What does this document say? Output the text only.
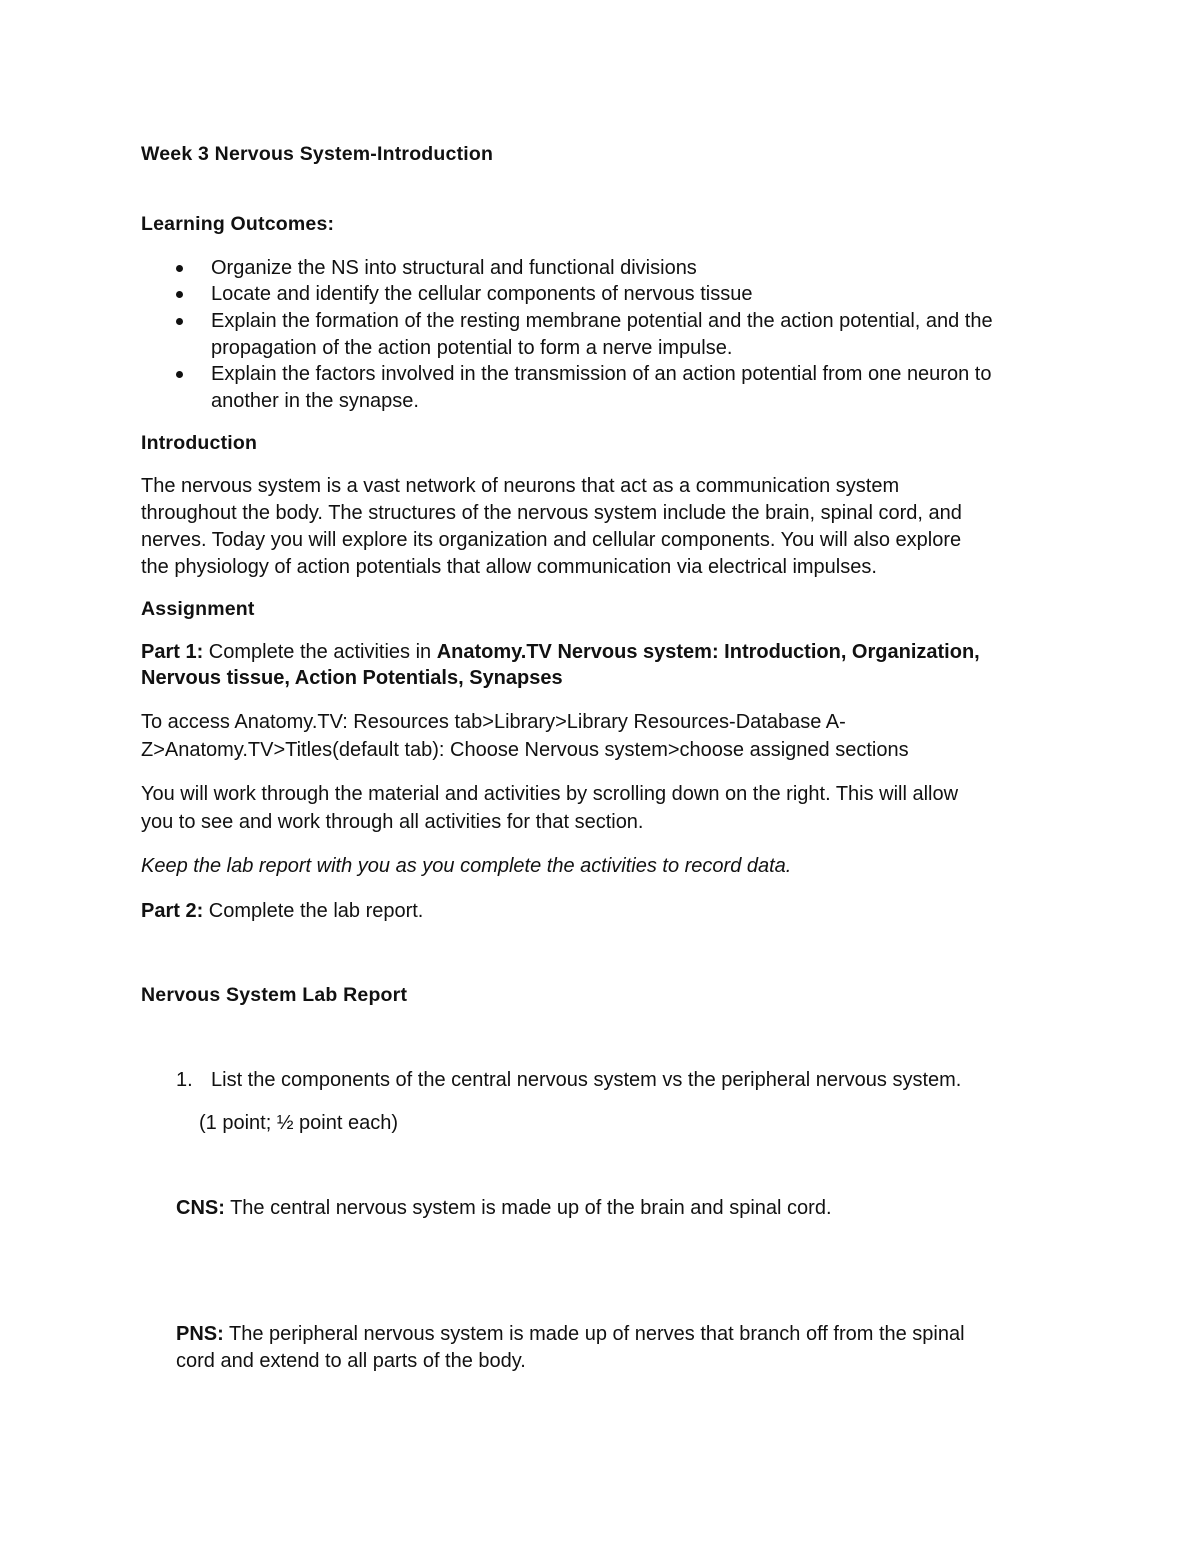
Week 3 Nervous System-Introduction
Learning Outcomes:
Organize the NS into structural and functional divisions
Locate and identify the cellular components of nervous tissue
Explain the formation of the resting membrane potential and the action potential, and the
propagation of the action potential to form a nerve impulse.
Explain the factors involved in the transmission of an action potential from one neuron to
another in the synapse.
Introduction
The nervous system is a vast network of neurons that act as a communication system
throughout the body. The structures of the nervous system include the brain, spinal cord, and
nerves. Today you will explore its organization and cellular components. You will also explore
the physiology of action potentials that allow communication via electrical impulses.
Assignment
Part 1: Complete the activities in Anatomy.TV Nervous system: Introduction, Organization,
Nervous tissue, Action Potentials, Synapses
To access Anatomy.TV: Resources tab>Library>Library Resources-Database A-
Z>Anatomy.TV>Titles(default tab): Choose Nervous system>choose assigned sections
You will work through the material and activities by scrolling down on the right. This will allow
you to see and work through all activities for that section.
Keep the lab report with you as you complete the activities to record data.
Part 2: Complete the lab report.
Nervous System Lab Report
1. List the components of the central nervous system vs the peripheral nervous system.
(1 point; ½ point each)
CNS: The central nervous system is made up of the brain and spinal cord.
PNS: The peripheral nervous system is made up of nerves that branch off from the spinal
cord and extend to all parts of the body.
